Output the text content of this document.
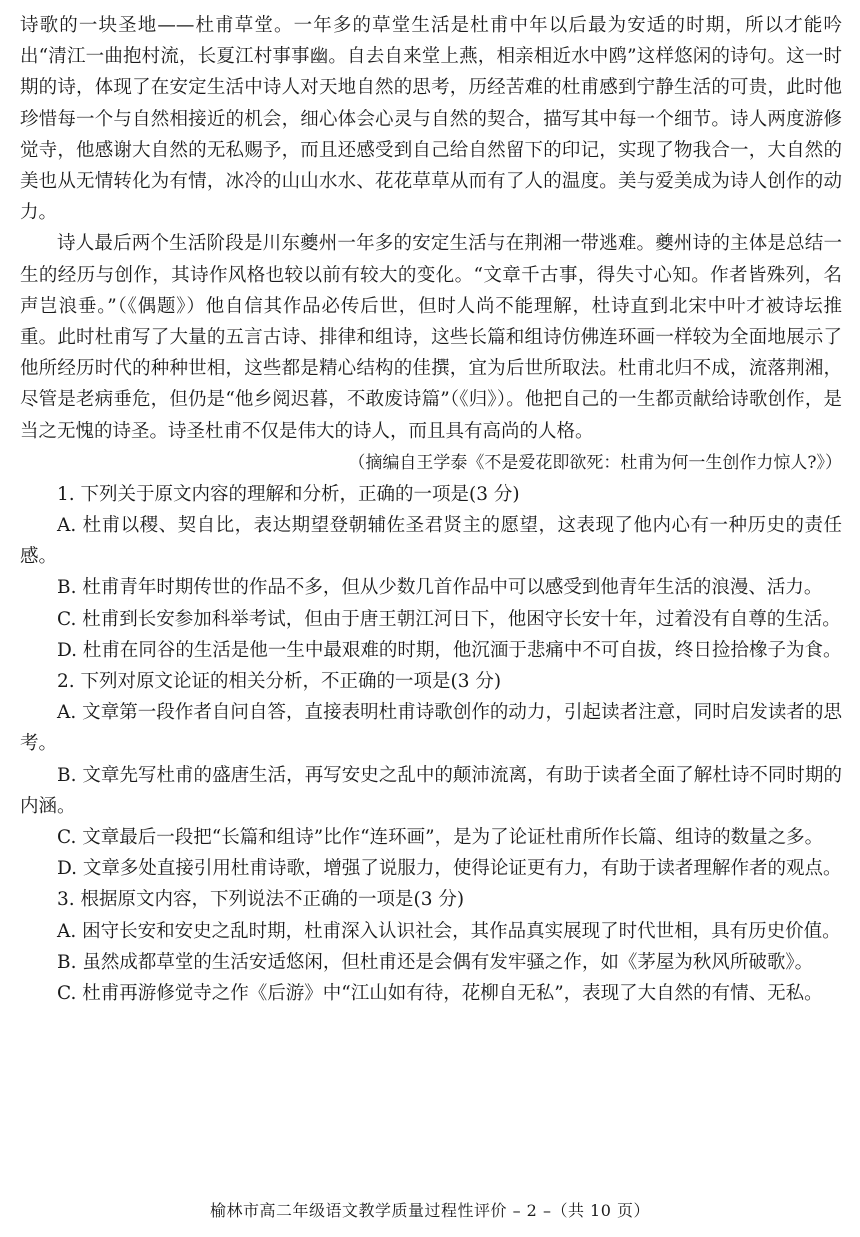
诗歌的一块圣地——杜甫草堂。一年多的草堂生活是杜甫中年以后最为安适的时期，所以才能吟出“清江一曲抱村流，长夏江村事事幽。自去自来堂上燕，相亲相近水中鸥”这样悠闲的诗句。这一时期的诗，体现了在安定生活中诗人对天地自然的思考，历经苦难的杜甫感到宁静生活的可贵，此时他珍惜每一个与自然相接近的机会，细心体会心灵与自然的契合，描写其中每一个细节。诗人两度游修觉寺，他感谢大自然的无私赐予，而且还感受到自己给自然留下的印记，实现了物我合一，大自然的美也从无情转化为有情，冰冷的山山水水、花花草草从而有了人的温度。美与爱美成为诗人创作的动力。

诗人最后两个生活阶段是川东夔州一年多的安定生活与在荆湘一带逃难。夔州诗的主体是总结一生的经历与创作，其诗作风格也较以前有较大的变化。“文章千古事，得失寸心知。作者皆殊列，名声岂浪垂。”（《偶题》）他自信其作品必传后世，但时人尚不能理解，杜诗直到北宋中叶才被诗坛推重。此时杜甫写了大量的五言古诗、排律和组诗，这些长篇和组诗仿佛连环画一样较为全面地展示了他所经历时代的种种世相，这些都是精心结构的佳撰，宜为后世所取法。杜甫北归不成，流落荆湘，尽管是老病垂危，但仍是“他乡阅迟暮，不敢废诗篇”（《归》）。他把自己的一生都贡献给诗歌创作，是当之无愧的诗圣。诗圣杜甫不仅是伟大的诗人，而且具有高尚的人格。

（摘编自王学泰《不是爱花即欲死：杜甫为何一生创作力惊人?》）

1. 下列关于原文内容的理解和分析，正确的一项是(3 分)

A. 杜甫以稷、契自比，表达期望登朝辅佐圣君贤主的愿望，这表现了他内心有一种历史的责任感。

B. 杜甫青年时期传世的作品不多，但从少数几首作品中可以感受到他青年生活的浪漫、活力。

C. 杜甫到长安参加科举考试，但由于唐王朝江河日下，他困守长安十年，过着没有自尊的生活。

D. 杜甫在同谷的生活是他一生中最艰难的时期，他沉湎于悲痛中不可自拔，终日捡拾橡子为食。

2. 下列对原文论证的相关分析，不正确的一项是(3 分)

A. 文章第一段作者自问自答，直接表明杜甫诗歌创作的动力，引起读者注意，同时启发读者的思考。

B. 文章先写杜甫的盛唐生活，再写安史之乱中的颠沛流离，有助于读者全面了解杜诗不同时期的内涵。

C. 文章最后一段把“长篇和组诗”比作“连环画”，是为了论证杜甫所作长篇、组诗的数量之多。

D. 文章多处直接引用杜甫诗歌，增强了说服力，使得论证更有力，有助于读者理解作者的观点。

3. 根据原文内容，下列说法不正确的一项是(3 分)

A. 困守长安和安史之乱时期，杜甫深入认识社会，其作品真实展现了时代世相，具有历史价值。

B. 虽然成都草堂的生活安适悠闲，但杜甫还是会偶有发牢骚之作，如《茅屋为秋风所破歌》。

C. 杜甫再游修觉寺之作《后游》中“江山如有待，花柳自无私”，表现了大自然的有情、无私。

榆林市高二年级语文教学质量过程性评价 – 2 –（共 10 页）
